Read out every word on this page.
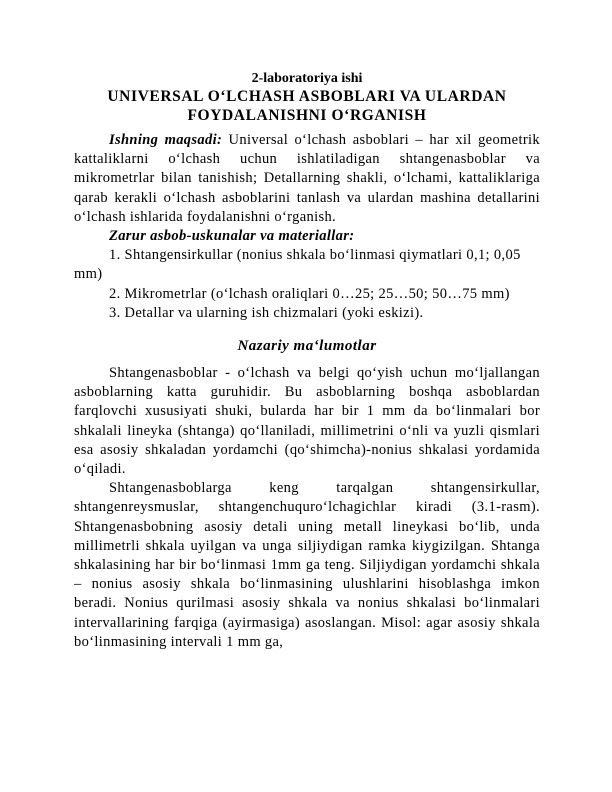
2-laboratoriya ishi

UNIVERSAL O‘LCHASH ASBOBLARI VA ULARDAN

FOYDALANISHNI O‘RGANISH

Ishning maqsadi: Universal o‘lchash asboblari – har xil geometrik kattaliklarni o‘lchash uchun ishlatiladigan shtangenasboblar va mikrometrlar bilan tanishish; Detallarning shakli, o‘lchami, kattaliklariga qarab kerakli o‘lchash asboblarini tanlash va ulardan mashina detallarini o‘lchash ishlarida foydalanishni o‘rganish.

Zarur asbob-uskunalar va materiallar:

1. Shtangensirkullar (nonius shkala bo‘linmasi qiymatlari 0,1; 0,05 mm)

2. Mikrometrlar (o‘lchash oraliqlari 0…25; 25…50; 50…75 mm)

3. Detallar va ularning ish chizmalari (yoki eskizi).

Nazariy ma‘lumotlar

Shtangenasboblar - o‘lchash va belgi qo‘yish uchun mo‘ljallangan asboblarning katta guruhidir. Bu asboblarning boshqa asboblardan farqlovchi xususiyati shuki, bularda har bir 1 mm da bo‘linmalari bor shkalali lineyka (shtanga) qo‘llaniladi, millimetrini o‘nli va yuzli qismlari esa asosiy shkaladan yordamchi (qo‘shimcha)-nonius shkalasi yordamida o‘qiladi.

Shtangenasboblarga keng tarqalgan shtangensirkullar, shtangenreysmuslar, shtangenchuquro‘lchagichlar kiradi (3.1-rasm). Shtangenasbobning asosiy detali uning metall lineykasi bo‘lib, unda millimetrli shkala uyilgan va unga siljiydigan ramka kiygizilgan. Shtanga shkalasining har bir bo‘linmasi 1mm ga teng. Siljiydigan yordamchi shkala – nonius asosiy shkala bo‘linmasining ulushlarini hisoblashga imkon beradi. Nonius qurilmasi asosiy shkala va nonius shkalasi bo‘linmalari intervallarining farqiga (ayirmasiga) asoslangan. Misol: agar asosiy shkala bo‘linmasining intervali 1 mm ga,
